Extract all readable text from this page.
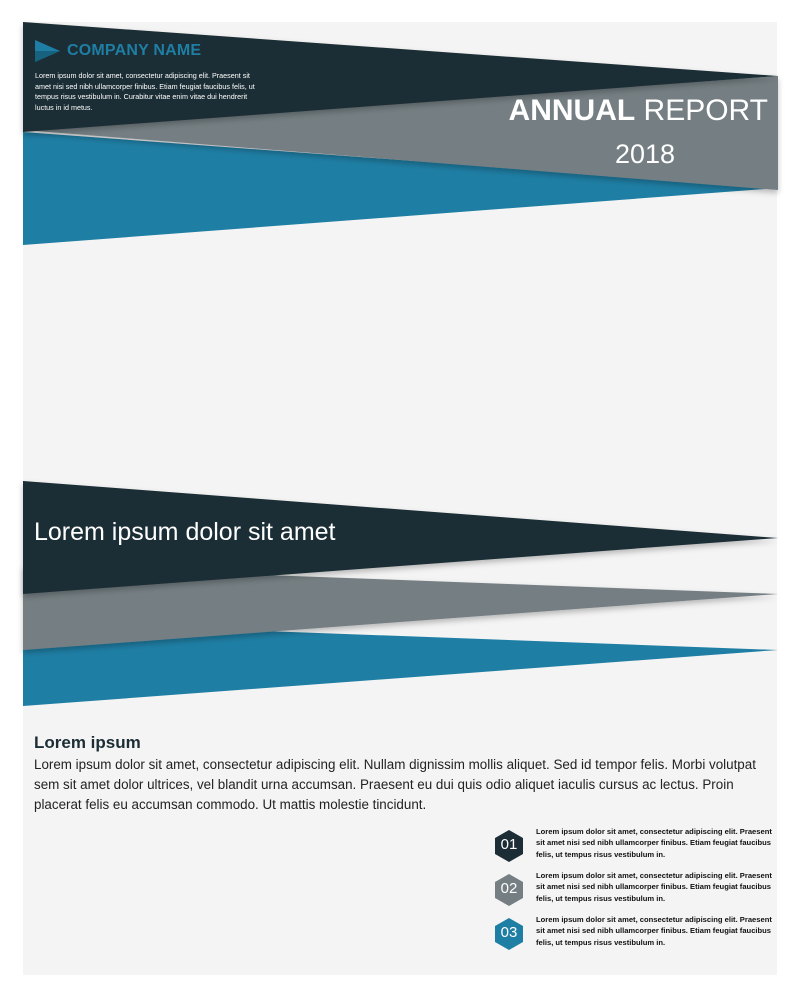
COMPANY NAME
Lorem ipsum dolor sit amet, consectetur adipiscing elit. Praesent sit amet nisi sed nibh ullamcorper finibus. Etiam feugiat faucibus felis, ut tempus risus vestibulum in. Curabitur vitae enim vitae dui hendrerit luctus in id metus.	ANNUAL REPORT
2018
Lorem ipsum dolor sit amet
Lorem ipsum
Lorem ipsum dolor sit amet, consectetur adipiscing elit. Nullam dignissim mollis aliquet. Sed id tempor felis. Morbi volutpat sem sit amet dolor ultrices, vel blandit urna accumsan. Praesent eu dui quis odio aliquet iaculis cursus ac lectus. Proin placerat felis eu accumsan commodo. Ut mattis molestie tincidunt.
01
Lorem ipsum dolor sit amet, consectetur adipiscing elit. Praesent sit amet nisi sed nibh ullamcorper finibus. Etiam feugiat faucibus felis, ut tempus risus vestibulum in.
02
Lorem ipsum dolor sit amet, consectetur adipiscing elit. Praesent sit amet nisi sed nibh ullamcorper finibus. Etiam feugiat faucibus felis, ut tempus risus vestibulum in.
03
Lorem ipsum dolor sit amet, consectetur adipiscing elit. Praesent sit amet nisi sed nibh ullamcorper finibus. Etiam feugiat faucibus felis, ut tempus risus vestibulum in.
